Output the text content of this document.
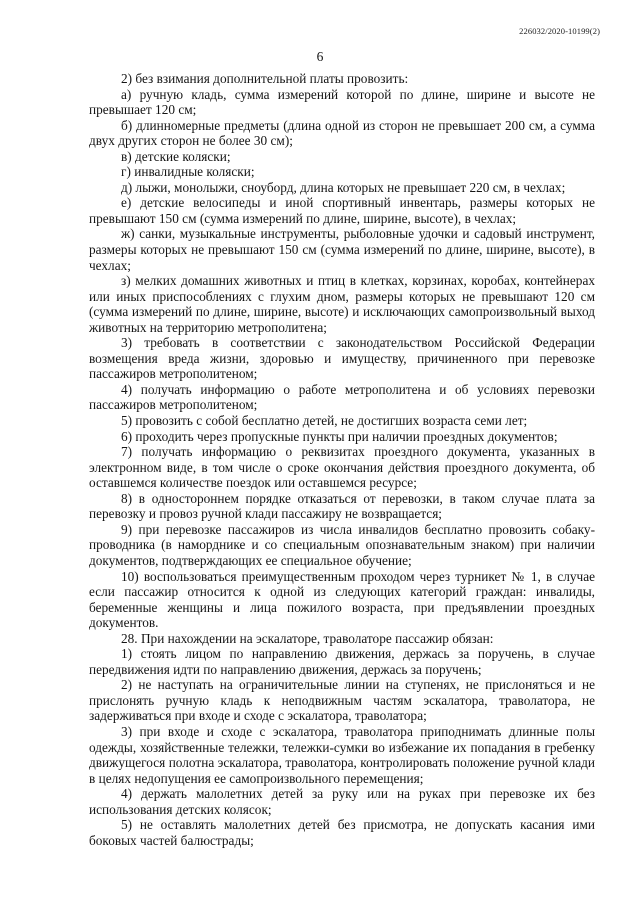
226032/2020-10199(2)
6

2) без взимания дополнительной платы провозить:

а) ручную кладь, сумма измерений которой по длине, ширине и высоте не превышает 120 см;

б) длинномерные предметы (длина одной из сторон не превышает 200 см, а сумма двух других сторон не более 30 см);

в) детские коляски;

г) инвалидные коляски;

д) лыжи, монолыжи, сноуборд, длина которых не превышает 220 см, в чехлах;

е) детские велосипеды и иной спортивный инвентарь, размеры которых не превышают 150 см (сумма измерений по длине, ширине, высоте), в чехлах;

ж) санки, музыкальные инструменты, рыболовные удочки и садовый инструмент, размеры которых не превышают 150 см (сумма измерений по длине, ширине, высоте), в чехлах;

з) мелких домашних животных и птиц в клетках, корзинах, коробах, контейнерах или иных приспособлениях с глухим дном, размеры которых не превышают 120 см (сумма измерений по длине, ширине, высоте) и исключающих самопроизвольный выход животных на территорию метрополитена;

3) требовать в соответствии с законодательством Российской Федерации возмещения вреда жизни, здоровью и имуществу, причиненного при перевозке пассажиров метрополитеном;

4) получать информацию о работе метрополитена и об условиях перевозки пассажиров метрополитеном;

5) провозить с собой бесплатно детей, не достигших возраста семи лет;

6) проходить через пропускные пункты при наличии проездных документов;

7) получать информацию о реквизитах проездного документа, указанных в электронном виде, в том числе о сроке окончания действия проездного документа, об оставшемся количестве поездок или оставшемся ресурсе;

8) в одностороннем порядке отказаться от перевозки, в таком случае плата за перевозку и провоз ручной клади пассажиру не возвращается;

9) при перевозке пассажиров из числа инвалидов бесплатно провозить собаку-проводника (в наморднике и со специальным опознавательным знаком) при наличии документов, подтверждающих ее специальное обучение;

10) воспользоваться преимущественным проходом через турникет № 1, в случае если пассажир относится к одной из следующих категорий граждан: инвалиды, беременные женщины и лица пожилого возраста, при предъявлении проездных документов.

28. При нахождении на эскалаторе, траволаторе пассажир обязан:

1) стоять лицом по направлению движения, держась за поручень, в случае передвижения идти по направлению движения, держась за поручень;

2) не наступать на ограничительные линии на ступенях, не прислоняться и не прислонять ручную кладь к неподвижным частям эскалатора, траволатора, не задерживаться при входе и сходе с эскалатора, траволатора;

3) при входе и сходе с эскалатора, траволатора приподнимать длинные полы одежды, хозяйственные тележки, тележки-сумки во избежание их попадания в гребенку движущегося полотна эскалатора, траволатора, контролировать положение ручной клади в целях недопущения ее самопроизвольного перемещения;

4) держать малолетних детей за руку или на руках при перевозке их без использования детских колясок;

5) не оставлять малолетних детей без присмотра, не допускать касания ими боковых частей балюстрады;
